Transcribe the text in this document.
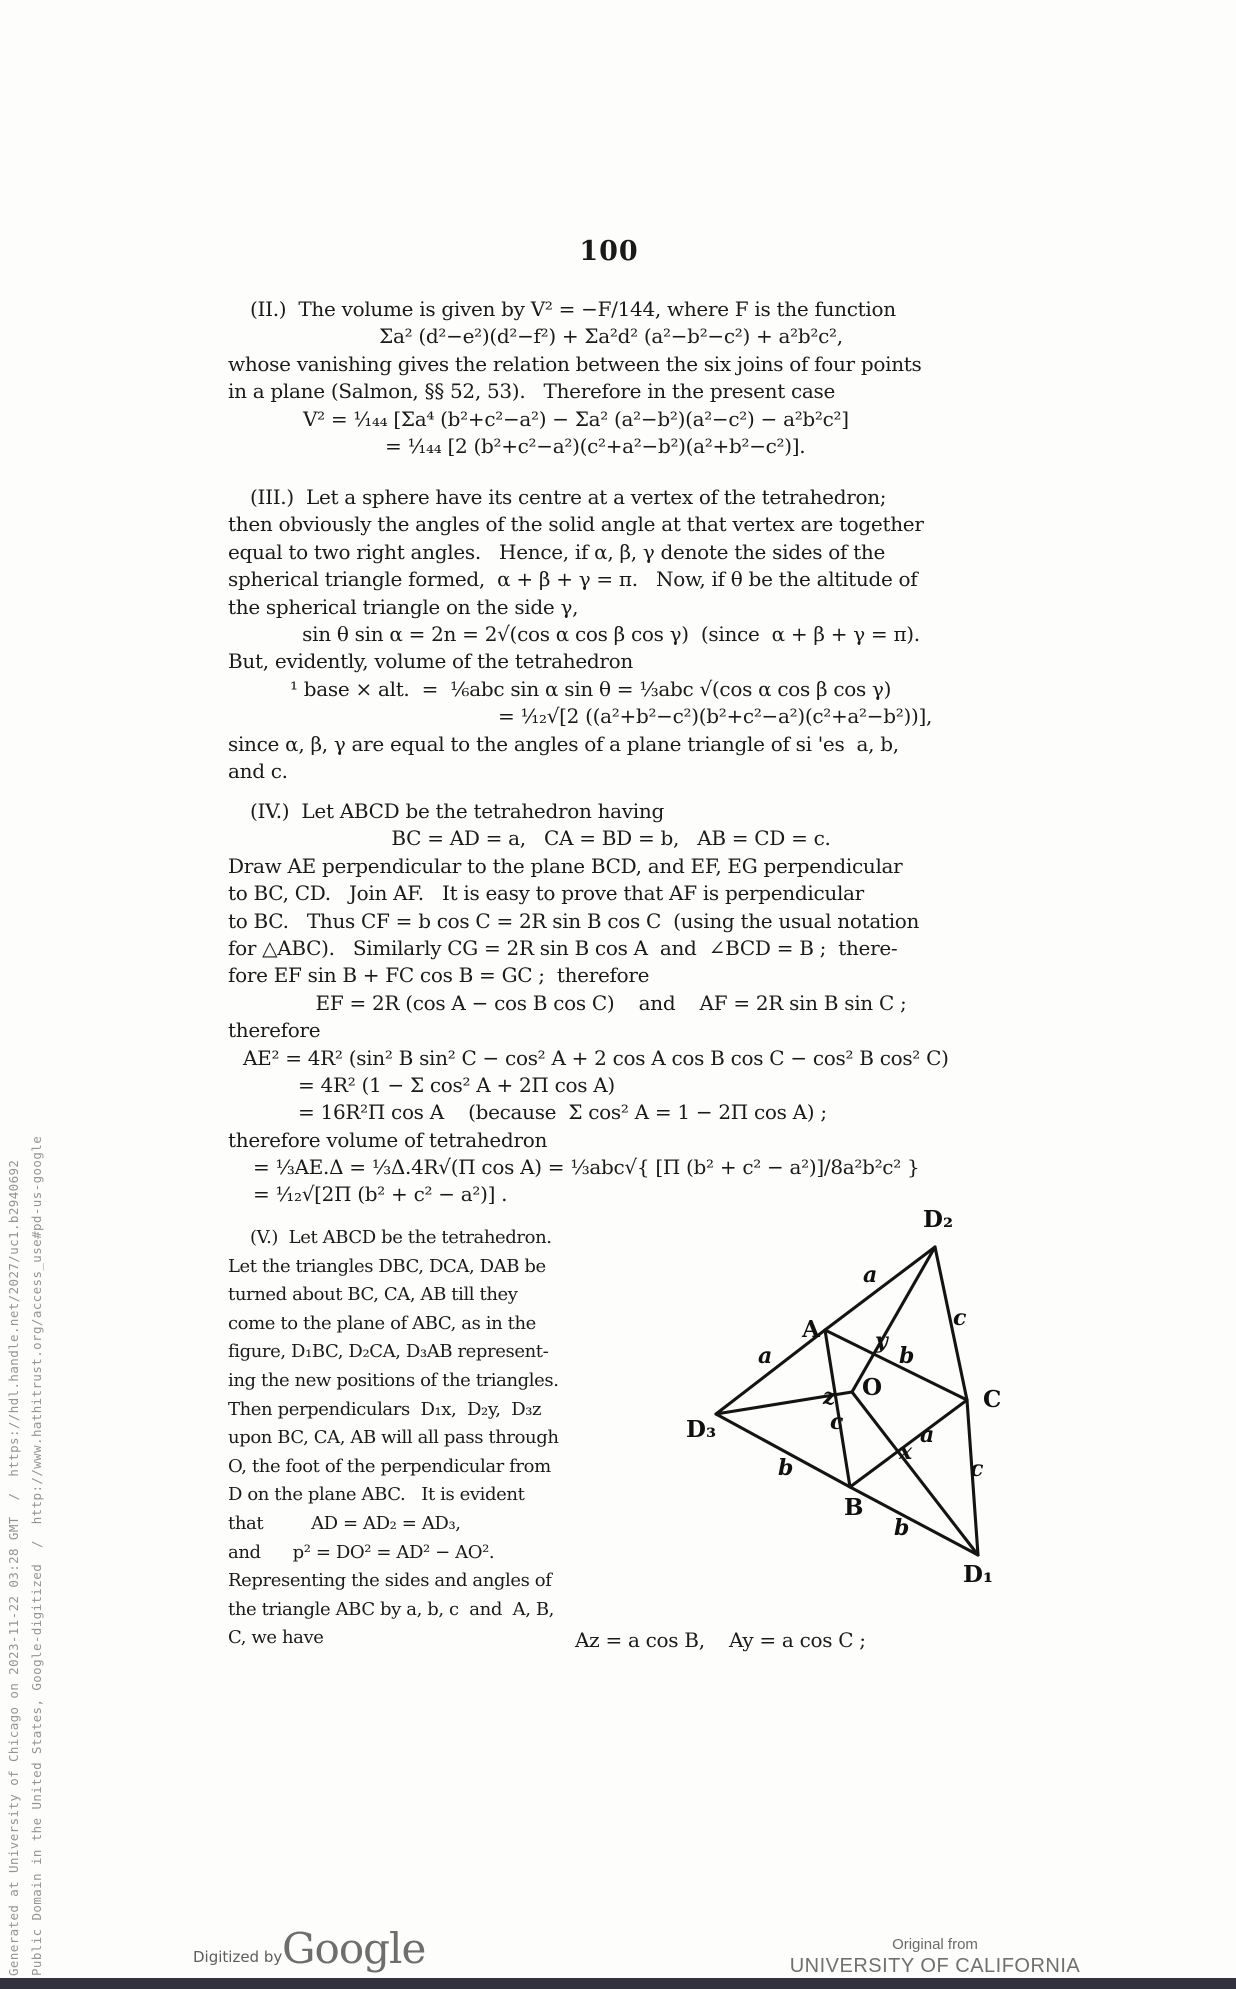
100
(II.)  The volume is given by V² = −F/144, where F is the function
Σa² (d²−e²)(d²−f²) + Σa²d² (a²−b²−c²) + a²b²c²,
whose vanishing gives the relation between the six joins of four points
in a plane (Salmon, §§ 52, 53).   Therefore in the present case
V² = ¹⁄₁₄₄ [Σa⁴ (b²+c²−a²) − Σa² (a²−b²)(a²−c²) − a²b²c²]
= ¹⁄₁₄₄ [2 (b²+c²−a²)(c²+a²−b²)(a²+b²−c²)].
(III.)  Let a sphere have its centre at a vertex of the tetrahedron;
then obviously the angles of the solid angle at that vertex are together
equal to two right angles.   Hence, if α, β, γ denote the sides of the
spherical triangle formed,  α + β + γ = π.   Now, if θ be the altitude of
the spherical triangle on the side γ,
sin θ sin α = 2n = 2√(cos α cos β cos γ)  (since  α + β + γ = π).
But, evidently, volume of the tetrahedron
¹ base × alt.  =  ⅙abc sin α sin θ = ⅓abc √(cos α cos β cos γ)
= ¹⁄₁₂√[2 ((a²+b²−c²)(b²+c²−a²)(c²+a²−b²))],
since α, β, γ are equal to the angles of a plane triangle of si 'es  a, b,
and c.
(IV.)  Let ABCD be the tetrahedron having
BC = AD = a,   CA = BD = b,   AB = CD = c.
Draw AE perpendicular to the plane BCD, and EF, EG perpendicular
to BC, CD.   Join AF.   It is easy to prove that AF is perpendicular
to BC.   Thus CF = b cos C = 2R sin B cos C  (using the usual notation
for △ABC).   Similarly CG = 2R sin B cos A  and  ∠BCD = B ;  there-
fore EF sin B + FC cos B = GC ;  therefore
EF = 2R (cos A − cos B cos C)    and    AF = 2R sin B sin C ;
therefore
AE² = 4R² (sin² B sin² C − cos² A + 2 cos A cos B cos C − cos² B cos² C)
= 4R² (1 − Σ cos² A + 2Π cos A)
= 16R²Π cos A    (because  Σ cos² A = 1 − 2Π cos A) ;
therefore volume of tetrahedron
= ⅓AE.Δ = ⅓Δ.4R√(Π cos A) = ⅓abc√{ [Π (b² + c² − a²)]/8a²b²c² }
= ¹⁄₁₂√[2Π (b² + c² − a²)] .
(V.)  Let ABCD be the tetrahedron.
Let the triangles DBC, DCA, DAB be
turned about BC, CA, AB till they
come to the plane of ABC, as in the
figure, D₁BC, D₂CA, D₃AB represent-
ing the new positions of the triangles.
Then perpendiculars  D₁x,  D₂y,  D₃z
upon BC, CA, AB will all pass through
O, the foot of the perpendicular from
D on the plane ABC.   It is evident
that         AD = AD₂ = AD₃,
and      p² = DO² = AD² − AO².
Representing the sides and angles of
the triangle ABC by a, b, c  and  A, B,
C, we have	Az = a cos B,    Ay = a cos C ;
A
B
C
O
D₂
D₃
D₁
a
c
a
y
b
z
c
b
x
a
c
b
Generated at University of Chicago on 2023-11-22 03:28 GMT  /  https://hdl.handle.net/2027/uc1.b2940692 Public Domain in the United States, Google-digitized  /  http://www.hathitrust.org/access_use#pd-us-google	Digitized by Google	Original from
UNIVERSITY OF CALIFORNIA
